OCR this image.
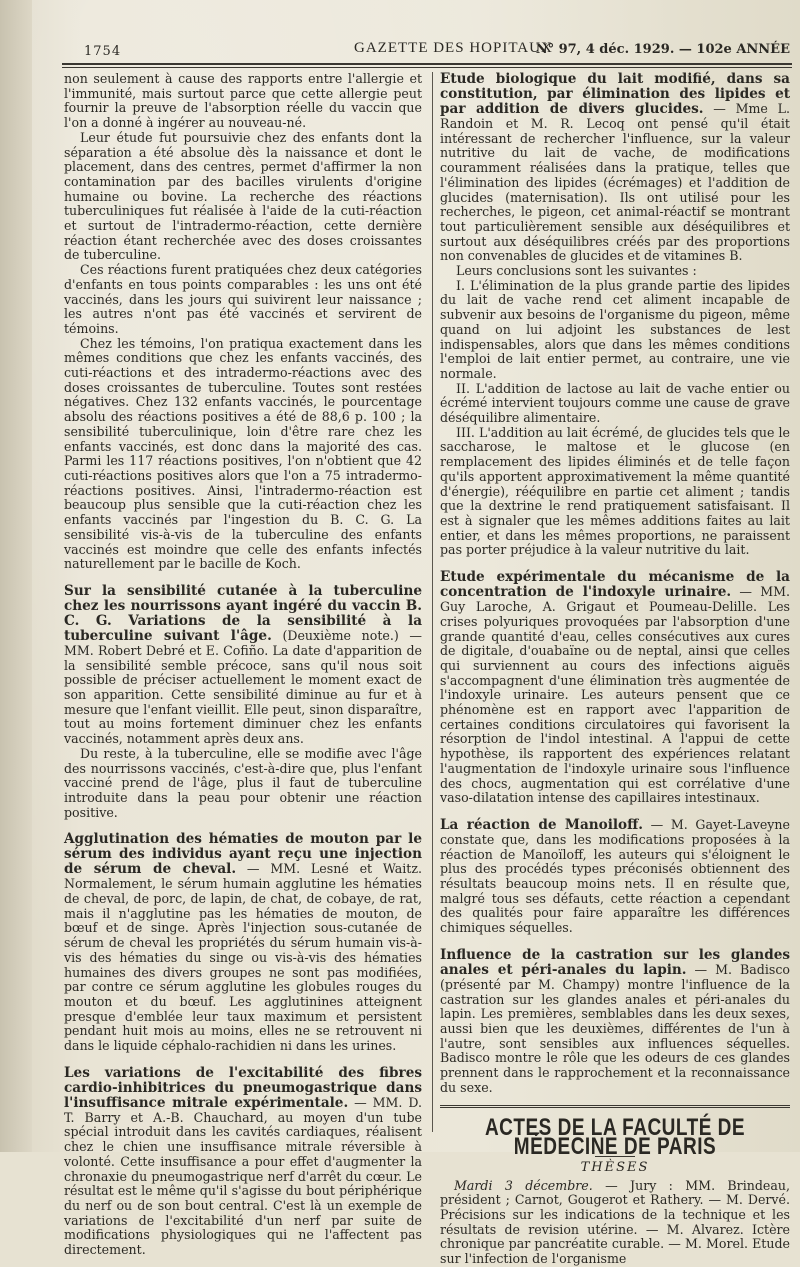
1754	GAZETTE DES HOPITAUX
N° 97, 4 déc. 1929. — 102e ANNÉE

non seulement à cause des rapports entre l'allergie et l'immunité, mais surtout parce que cette allergie peut fournir la preuve de l'absorption réelle du vaccin que l'on a donné à ingérer au nouveau-né.

Leur étude fut poursuivie chez des enfants dont la séparation a été absolue dès la naissance et dont le placement, dans des centres, permet d'affirmer la non contamination par des bacilles virulents d'origine humaine ou bovine. La recherche des réactions tuberculiniques fut réalisée à l'aide de la cuti-réaction et surtout de l'intradermo-réaction, cette dernière réaction étant recherchée avec des doses croissantes de tuberculine.

Ces réactions furent pratiquées chez deux catégories d'enfants en tous points comparables : les uns ont été vaccinés, dans les jours qui suivirent leur naissance ; les autres n'ont pas été vaccinés et servirent de témoins.

Chez les témoins, l'on pratiqua exactement dans les mêmes conditions que chez les enfants vaccinés, des cuti-réactions et des intradermo-réactions avec des doses croissantes de tuberculine. Toutes sont restées négatives. Chez 132 enfants vaccinés, le pourcentage absolu des réactions positives a été de 88,6 p. 100 ; la sensibilité tuberculinique, loin d'être rare chez les enfants vaccinés, est donc dans la majorité des cas. Parmi les 117 réactions positives, l'on n'obtient que 42 cuti-réactions positives alors que l'on a 75 intradermo-réactions positives. Ainsi, l'intradermo-réaction est beaucoup plus sensible que la cuti-réaction chez les enfants vaccinés par l'ingestion du B. C. G. La sensibilité vis-à-vis de la tuberculine des enfants vaccinés est moindre que celle des enfants infectés naturellement par le bacille de Koch.

Sur la sensibilité cutanée à la tuberculine chez les nourrissons ayant ingéré du vaccin B. C. G. Variations de la sensibilité à la tuberculine suivant l'âge. (Deuxième note.) — MM. Robert Debré et E. Cofiño. La date d'apparition de la sensibilité semble précoce, sans qu'il nous soit possible de préciser actuellement le moment exact de son apparition. Cette sensibilité diminue au fur et à mesure que l'enfant vieillit. Elle peut, sinon disparaître, tout au moins fortement diminuer chez les enfants vaccinés, notamment après deux ans.

Du reste, à la tuberculine, elle se modifie avec l'âge des nourrissons vaccinés, c'est-à-dire que, plus l'enfant vacciné prend de l'âge, plus il faut de tuberculine introduite dans la peau pour obtenir une réaction positive.

Agglutination des hématies de mouton par le sérum des individus ayant reçu une injection de sérum de cheval. — MM. Lesné et Waitz. Normalement, le sérum humain agglutine les hématies de cheval, de porc, de lapin, de chat, de cobaye, de rat, mais il n'agglutine pas les hématies de mouton, de bœuf et de singe. Après l'injection sous-cutanée de sérum de cheval les propriétés du sérum humain vis-à-vis des hématies du singe ou vis-à-vis des hématies humaines des divers groupes ne sont pas modifiées, par contre ce sérum agglutine les globules rouges du mouton et du bœuf. Les agglutinines atteignent presque d'emblée leur taux maximum et persistent pendant huit mois au moins, elles ne se retrouvent ni dans le liquide céphalo-rachidien ni dans les urines.

Les variations de l'excitabilité des fibres cardio-inhibitrices du pneumogastrique dans l'insuffisance mitrale expérimentale. — MM. D. T. Barry et A.-B. Chauchard, au moyen d'un tube spécial introduit dans les cavités cardiaques, réalisent chez le chien une insuffisance mitrale réversible à volonté. Cette insuffisance a pour effet d'augmenter la chronaxie du pneumogastrique nerf d'arrêt du cœur. Le résultat est le même qu'il s'agisse du bout périphérique du nerf ou de son bout central. C'est là un exemple de variations de l'excitabilité d'un nerf par suite de modifications physiologiques qui ne l'affectent pas directement.

Etude biologique du lait modifié, dans sa constitution, par élimination des lipides et par addition de divers glucides. — Mme L. Randoin et M. R. Lecoq ont pensé qu'il était intéressant de rechercher l'influence, sur la valeur nutritive du lait de vache, de modifications couramment réalisées dans la pratique, telles que l'élimination des lipides (écrémages) et l'addition de glucides (maternisation). Ils ont utilisé pour les recherches, le pigeon, cet animal-réactif se montrant tout particulièrement sensible aux déséquilibres et surtout aux déséquilibres créés par des proportions non convenables de glucides et de vitamines B.

Leurs conclusions sont les suivantes :

I. L'élimination de la plus grande partie des lipides du lait de vache rend cet aliment incapable de subvenir aux besoins de l'organisme du pigeon, même quand on lui adjoint les substances de lest indispensables, alors que dans les mêmes conditions l'emploi de lait entier permet, au contraire, une vie normale.

II. L'addition de lactose au lait de vache entier ou écrémé intervient toujours comme une cause de grave déséquilibre alimentaire.

III. L'addition au lait écrémé, de glucides tels que le saccharose, le maltose et le glucose (en remplacement des lipides éliminés et de telle façon qu'ils apportent approximativement la même quantité d'énergie), rééquilibre en partie cet aliment ; tandis que la dextrine le rend pratiquement satisfaisant. Il est à signaler que les mêmes additions faites au lait entier, et dans les mêmes proportions, ne paraissent pas porter préjudice à la valeur nutritive du lait.

Etude expérimentale du mécanisme de la concentration de l'indoxyle urinaire. — MM. Guy Laroche, A. Grigaut et Poumeau-Delille. Les crises polyuriques provoquées par l'absorption d'une grande quantité d'eau, celles consécutives aux cures de digitale, d'ouabaïne ou de neptal, ainsi que celles qui surviennent au cours des infections aiguës s'accompagnent d'une élimination très augmentée de l'indoxyle urinaire. Les auteurs pensent que ce phénomène est en rapport avec l'apparition de certaines conditions circulatoires qui favorisent la résorption de l'indol intestinal. A l'appui de cette hypothèse, ils rapportent des expériences relatant l'augmentation de l'indoxyle urinaire sous l'influence des chocs, augmentation qui est corrélative d'une vaso-dilatation intense des capillaires intestinaux.

La réaction de Manoiloff. — M. Gayet-Laveyne constate que, dans les modifications proposées à la réaction de Manoïloff, les auteurs qui s'éloignent le plus des procédés types préconisés obtiennent des résultats beaucoup moins nets. Il en résulte que, malgré tous ses défauts, cette réaction a cependant des qualités pour faire apparaître les différences chimiques séquelles.

Influence de la castration sur les glandes anales et péri-anales du lapin. — M. Badisco (présenté par M. Champy) montre l'influence de la castration sur les glandes anales et péri-anales du lapin. Les premières, semblables dans les deux sexes, aussi bien que les deuxièmes, différentes de l'un à l'autre, sont sensibles aux influences séquelles. Badisco montre le rôle que les odeurs de ces glandes prennent dans le rapprochement et la reconnaissance du sexe.

ACTES DE LA FACULTÉ DE MÉDECINE DE PARIS
THÈSES

Mardi 3 décembre. — Jury : MM. Brindeau, président ; Carnot, Gougerot et Rathery. — M. Dervé. Précisions sur les indications de la technique et les résultats de revision utérine. — M. Alvarez. Ictère chronique par pancréatite curable. — M. Morel. Etude sur l'infection de l'organisme
